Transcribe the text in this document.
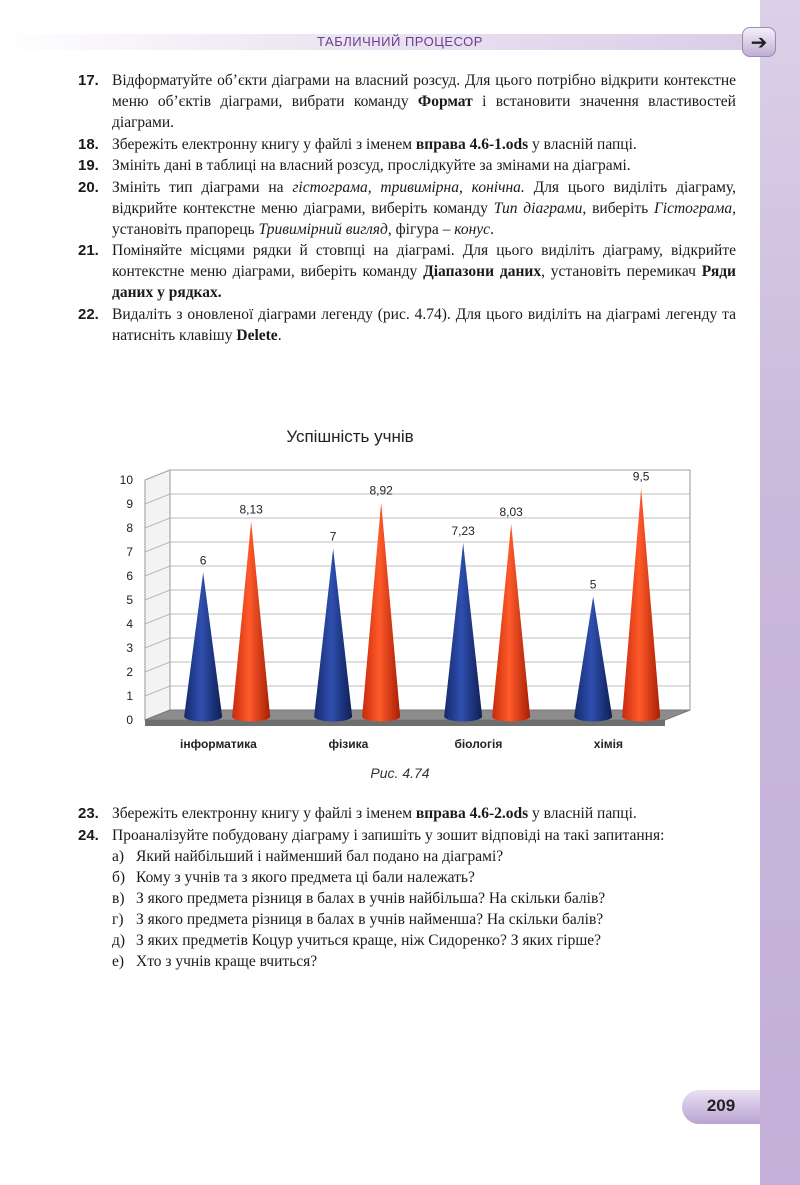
ТАБЛИЧНИЙ ПРОЦЕСОР	➔
17. Відформатуйте об’єкти діаграми на власний розсуд. Для цього потрібно відкрити контекстне меню об’єктів діаграми, вибрати команду Формат і встановити значення властивостей діаграми.
18. Збережіть електронну книгу у файлі з іменем вправа 4.6-1.ods у власній папці.
19. Змініть дані в таблиці на власний розсуд, прослідкуйте за змінами на діаграмі.
20. Змініть тип діаграми на гістограма, тривимірна, конічна. Для цього виділіть діаграму, відкрийте контекстне меню діаграми, виберіть команду Тип діаграми, виберіть Гістограма, установіть прапорець Тривимірний вигляд, фігура – конус.
21. Поміняйте місцями рядки й стовпці на діаграмі. Для цього виділіть діаграму, відкрийте контекстне меню діаграми, виберіть команду Діапазони даних, установіть перемикач Ряди даних у рядках.
22. Видаліть з оновленої діаграми легенду (рис. 4.74). Для цього виділіть на діаграмі легенду та натисніть клавішу Delete.
Успішність учнів
0
1
2
3
4
5
6
7
8
9
10
6
8,13
інформатика
7
8,92
фізика
7,23
8,03
біологія
5
9,5
хімія
Рис. 4.74
23. Збережіть електронну книгу у файлі з іменем вправа 4.6-2.ods у власній папці.
24. Проаналізуйте побудовану діаграму і запишіть у зошит відповіді на такі запитання:
а) Який найбільший і найменший бал подано на діаграмі?
б) Кому з учнів та з якого предмета ці бали належать?
в) З якого предмета різниця в балах в учнів найбільша? На скільки балів?
г) З якого предмета різниця в балах в учнів найменша? На скільки балів?
д) З яких предметів Коцур учиться краще, ніж Сидоренко? З яких гірше?
е) Хто з учнів краще вчиться?
209
